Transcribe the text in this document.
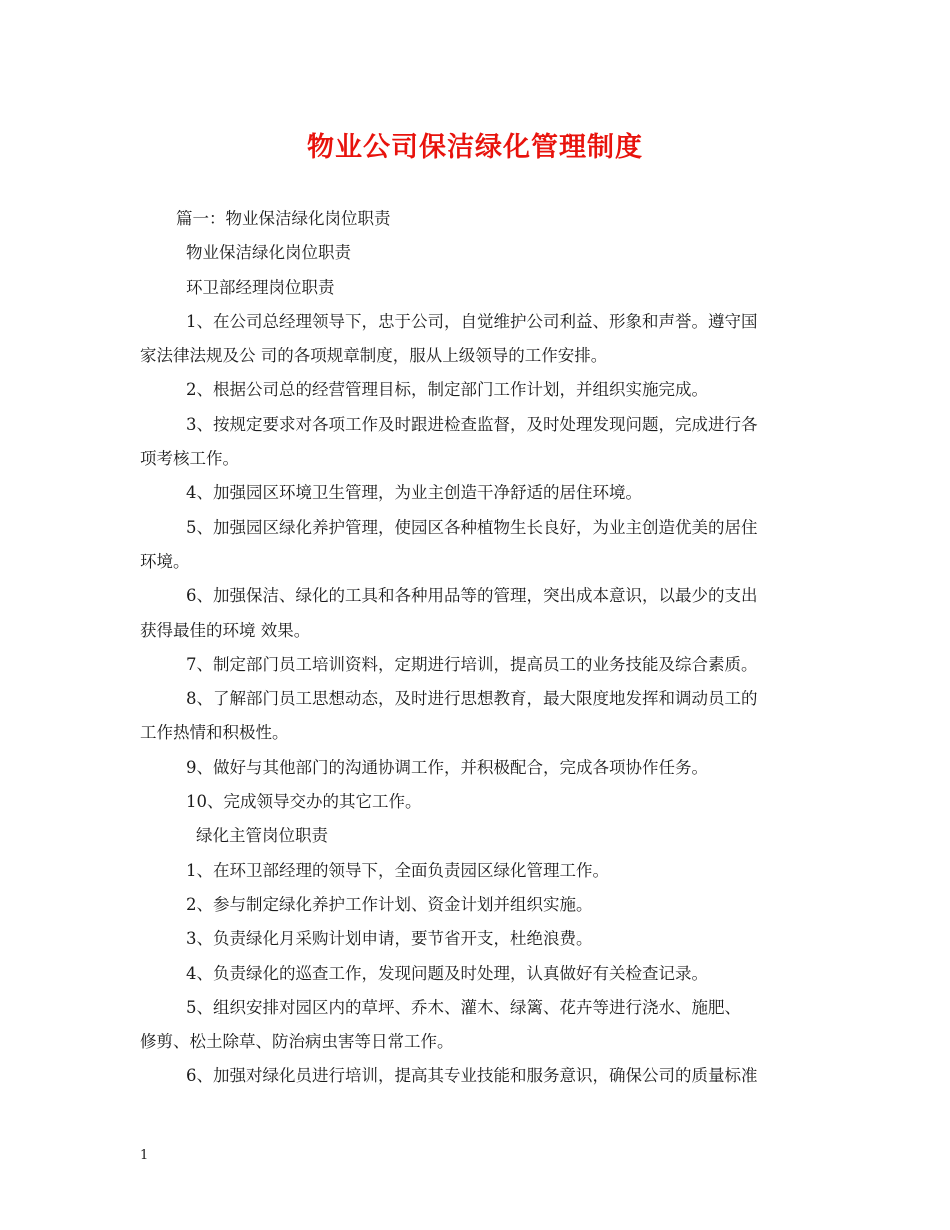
物业公司保洁绿化管理制度
篇一：物业保洁绿化岗位职责
物业保洁绿化岗位职责
环卫部经理岗位职责
1、在公司总经理领导下，忠于公司，自觉维护公司利益、形象和声誉。遵守国
家法律法规及公 司的各项规章制度，服从上级领导的工作安排。
2、根据公司总的经营管理目标，制定部门工作计划，并组织实施完成。
3、按规定要求对各项工作及时跟进检查监督，及时处理发现问题，完成进行各
项考核工作。
4、加强园区环境卫生管理，为业主创造干净舒适的居住环境。
5、加强园区绿化养护管理，使园区各种植物生长良好，为业主创造优美的居住
环境。
6、加强保洁、绿化的工具和各种用品等的管理，突出成本意识，以最少的支出
获得最佳的环境 效果。
7、制定部门员工培训资料，定期进行培训，提高员工的业务技能及综合素质。
8、了解部门员工思想动态，及时进行思想教育，最大限度地发挥和调动员工的
工作热情和积极性。
9、做好与其他部门的沟通协调工作，并积极配合，完成各项协作任务。
10、完成领导交办的其它工作。
绿化主管岗位职责
1、在环卫部经理的领导下，全面负责园区绿化管理工作。
2、参与制定绿化养护工作计划、资金计划并组织实施。
3、负责绿化月采购计划申请，要节省开支，杜绝浪费。
4、负责绿化的巡查工作，发现问题及时处理，认真做好有关检查记录。
5、组织安排对园区内的草坪、乔木、灌木、绿篱、花卉等进行浇水、施肥、
修剪、松土除草、防治病虫害等日常工作。
6、加强对绿化员进行培训，提高其专业技能和服务意识，确保公司的质量标准
1
